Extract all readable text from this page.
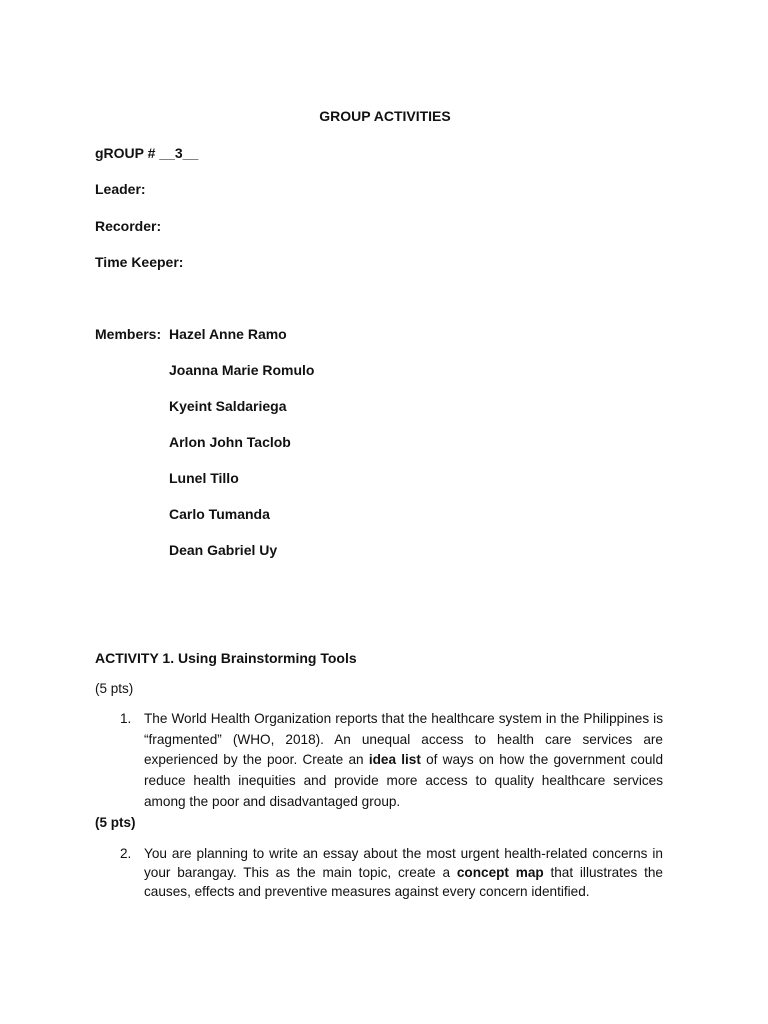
GROUP ACTIVITIES
gROUP # __3__
Leader:
Recorder:
Time Keeper:
Members: Hazel Anne Ramo
Joanna Marie Romulo
Kyeint Saldariega
Arlon John Taclob
Lunel Tillo
Carlo Tumanda
Dean Gabriel Uy
ACTIVITY 1. Using Brainstorming Tools
(5 pts)
1. The World Health Organization reports that the healthcare system in the Philippines is “fragmented” (WHO, 2018). An unequal access to health care services are experienced by the poor. Create an idea list of ways on how the government could reduce health inequities and provide more access to quality healthcare services among the poor and disadvantaged group.
(5 pts)
2. You are planning to write an essay about the most urgent health-related concerns in your barangay. This as the main topic, create a concept map that illustrates the causes, effects and preventive measures against every concern identified.
